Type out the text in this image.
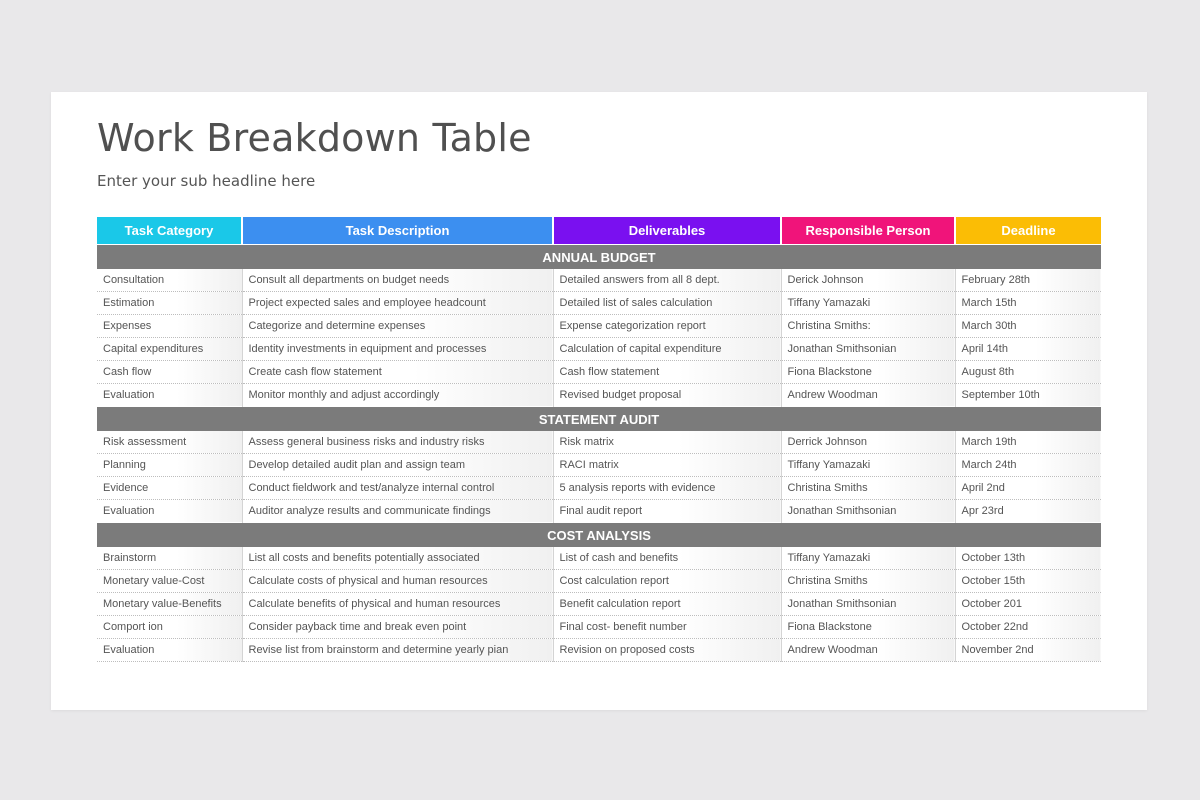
Work Breakdown Table
Enter your sub headline here
Task Category	Task Description	Deliverables	Responsible Person	Deadline
ANNUAL BUDGET				
Consultation	Consult all departments on budget needs	Detailed answers from all 8 dept.	Derick Johnson	February 28th
Estimation	Project expected sales and employee headcount	Detailed list of sales calculation	Tiffany Yamazaki	March 15th
Expenses	Categorize and determine expenses	Expense categorization report	Christina Smiths:	March 30th
Capital expenditures	Identity investments in equipment and processes	Calculation of capital expenditure	Jonathan Smithsonian	April 14th
Cash flow	Create cash flow statement	Cash flow statement	Fiona Blackstone	August 8th
Evaluation	Monitor monthly and adjust accordingly	Revised budget proposal	Andrew Woodman	September 10th
STATEMENT AUDIT				
Risk assessment	Assess general business risks and industry risks	Risk matrix	Derrick Johnson	March 19th
Planning	Develop detailed audit plan and assign team	RACI matrix	Tiffany Yamazaki	March 24th
Evidence	Conduct fieldwork and test/analyze internal control	5 analysis reports with evidence	Christina Smiths	April 2nd
Evaluation	Auditor analyze results and communicate findings	Final audit report	Jonathan Smithsonian	Apr 23rd
COST ANALYSIS				
Brainstorm	List all costs and benefits potentially associated	List of cash and benefits	Tiffany Yamazaki	October 13th
Monetary value-Cost	Calculate costs of physical and human resources	Cost calculation report	Christina Smiths	October 15th
Monetary value-Benefits	Calculate benefits of physical and human resources	Benefit calculation report	Jonathan Smithsonian	October 201
Comport ion	Consider payback time and break even point	Final cost- benefit number	Fiona Blackstone	October 22nd
Evaluation	Revise list from brainstorm and determine yearly pian	Revision on proposed costs	Andrew Woodman	November 2nd
